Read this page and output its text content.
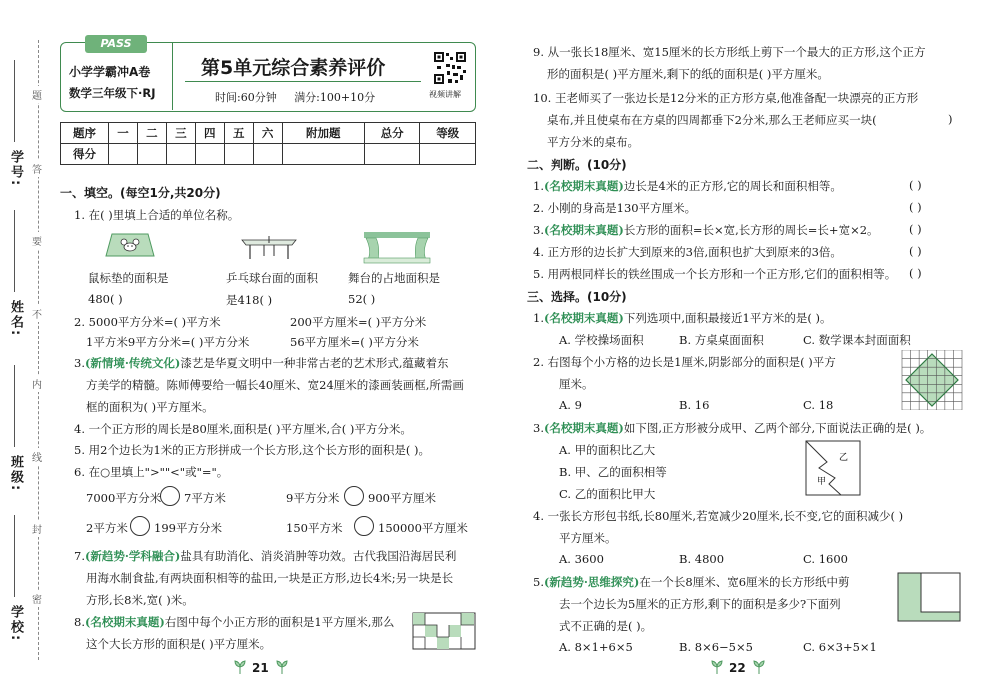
学号:
姓名:
班级:
学校:
题
答
要
不
内
线
封
密
PASS
小学学霸冲A卷
数学三年级下·RJ
第5单元综合素养评价
时间:60分钟 满分:100+10分	视频讲解
题序	一	二	三	四	五	六	附加题	总分	等级
得分									
一、填空。(每空1分,共20分)
1. 在( )里填上合适的单位名称。
鼠标垫的面积是
480( )
乒乓球台面的面积
是418( )
舞台的占地面积是
52( )
2. 5000平方分米=( )平方米	200平方厘米=( )平方分米
1平方米9平方分米=( )平方分米	56平方厘米=( )平方分米
3.(新情境·传统文化)漆艺是华夏文明中一种非常古老的艺术形式,蕴藏着东
方美学的精髓。陈师傅要给一幅长40厘米、宽24厘米的漆画装画框,所需画
框的面积为( )平方厘米。
4. 一个正方形的周长是80厘米,面积是( )平方厘米,合( )平方分米。
5. 用2个边长为1米的正方形拼成一个长方形,这个长方形的面积是( )。
6. 在○里填上">""<"或"="。
7000平方分米 7平方米	9平方分米 900平方厘米
2平方米 199平方分米	150平方米	150000平方厘米
7.(新趋势·学科融合)盐具有助消化、消炎消肿等功效。古代我国沿海居民利
用海水制食盐,有两块面积相等的盐田,一块是正方形,边长4米;另一块是长
方形,长8米,宽( )米。
8.(名校期末真题)右图中每个小正方形的面积是1平方厘米,那么
这个大长方形的面积是( )平方厘米。
21
9. 从一张长18厘米、宽15厘米的长方形纸上剪下一个最大的正方形,这个正方
形的面积是( )平方厘米,剩下的纸的面积是( )平方厘米。
10. 王老师买了一张边长是12分米的正方形方桌,他准备配一块漂亮的正方形
桌布,并且使桌布在方桌的四周都垂下2分米,那么王老师应买一块(	)
平方分米的桌布。
二、判断。(10分)
1.(名校期末真题)边长是4米的正方形,它的周长和面积相等。	( )
2. 小刚的身高是130平方厘米。	( )
3.(名校期末真题)长方形的面积=长×宽,长方形的周长=长+宽×2。	( )
4. 正方形的边长扩大到原来的3倍,面积也扩大到原来的3倍。	( )
5. 用两根同样长的铁丝围成一个长方形和一个正方形,它们的面积相等。 ( )
三、选择。(10分)
1.(名校期末真题)下列选项中,面积最接近1平方米的是( )。
A. 学校操场面积	B. 方桌桌面面积	C. 数学课本封面面积
2. 右图每个小方格的边长是1厘米,阴影部分的面积是( )平方
厘米。
A. 9	B. 16	C. 18
3.(名校期末真题)如下图,正方形被分成甲、乙两个部分,下面说法正确的是( )。
A. 甲的面积比乙大
B. 甲、乙的面积相等
C. 乙的面积比甲大
乙
甲
4. 一张长方形包书纸,长80厘米,若宽减少20厘米,长不变,它的面积减少( )
平方厘米。
A. 3600	B. 4800	C. 1600
5.(新趋势·思维探究)在一个长8厘米、宽6厘米的长方形纸中剪
去一个边长为5厘米的正方形,剩下的面积是多少?下面列
式不正确的是( )。
A. 8×1+6×5	B. 8×6−5×5	C. 6×3+5×1
22
